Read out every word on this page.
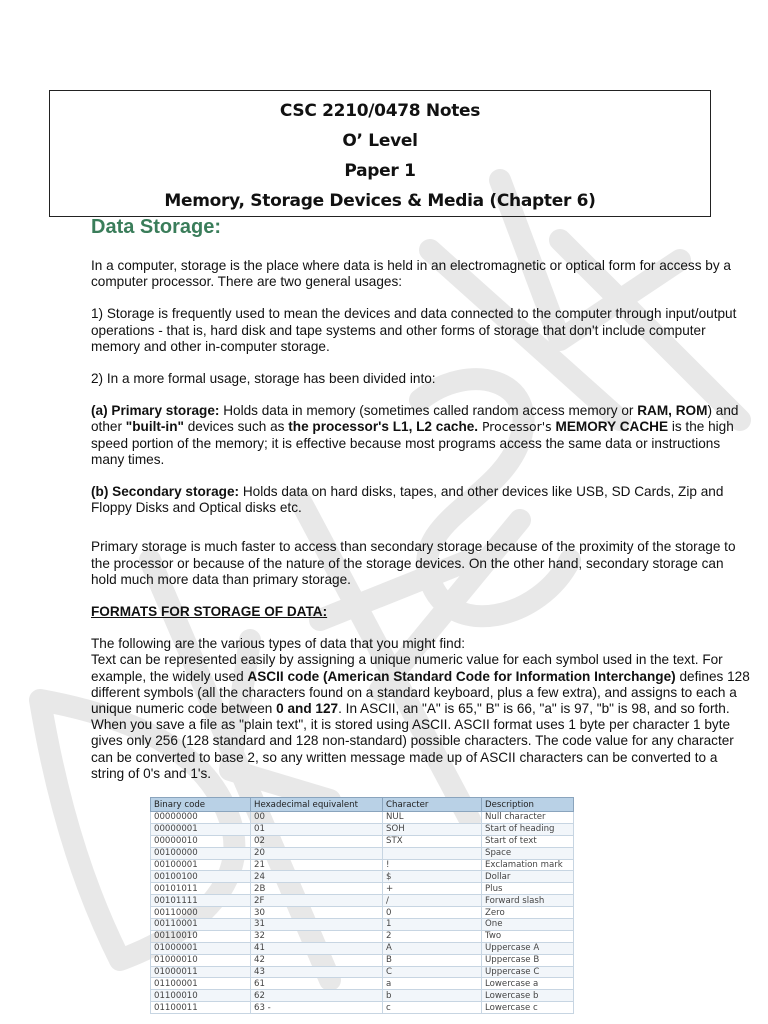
CSC 2210/0478 Notes
O’ Level
Paper 1
Memory, Storage Devices & Media (Chapter 6)
Data Storage:

In a computer, storage is the place where data is held in an electromagnetic or optical form for access by a computer processor. There are two general usages:

1) Storage is frequently used to mean the devices and data connected to the computer through input/output operations - that is, hard disk and tape systems and other forms of storage that don't include computer memory and other in-computer storage.

2) In a more formal usage, storage has been divided into:

(a) Primary storage: Holds data in memory (sometimes called random access memory or RAM, ROM) and other "built-in" devices such as the processor's L1, L2 cache. Processor's MEMORY CACHE is the high speed portion of the memory; it is effective because most programs access the same data or instructions many times.

(b) Secondary storage: Holds data on hard disks, tapes, and other devices like USB, SD Cards, Zip and Floppy Disks and Optical disks etc.

Primary storage is much faster to access than secondary storage because of the proximity of the storage to the processor or because of the nature of the storage devices. On the other hand, secondary storage can hold much more data than primary storage.

FORMATS FOR STORAGE OF DATA:

The following are the various types of data that you might find:
Text can be represented easily by assigning a unique numeric value for each symbol used in the text. For example, the widely used ASCII code (American Standard Code for Information Interchange) defines 128 different symbols (all the characters found on a standard keyboard, plus a few extra), and assigns to each a unique numeric code between 0 and 127. In ASCII, an "A" is 65," B" is 66, "a" is 97, "b" is 98, and so forth. When you save a file as "plain text", it is stored using ASCII. ASCII format uses 1 byte per character 1 byte gives only 256 (128 standard and 128 non-standard) possible characters. The code value for any character can be converted to base 2, so any written message made up of ASCII characters can be converted to a string of 0's and 1's.

Binary code	Hexadecimal equivalent	Character	Description
00000000	00	NUL	Null character
00000001	01	SOH	Start of heading
00000010	02	STX	Start of text
00100000	20		Space
00100001	21	!	Exclamation mark
00100100	24	$	Dollar
00101011	2B	+	Plus
00101111	2F	/	Forward slash
00110000	30	0	Zero
00110001	31	1	One
00110010	32	2	Two
01000001	41	A	Uppercase A
01000010	42	B	Uppercase B
01000011	43	C	Uppercase C
01100001	61	a	Lowercase a
01100010	62	b	Lowercase b
01100011	63 -	c	Lowercase c
